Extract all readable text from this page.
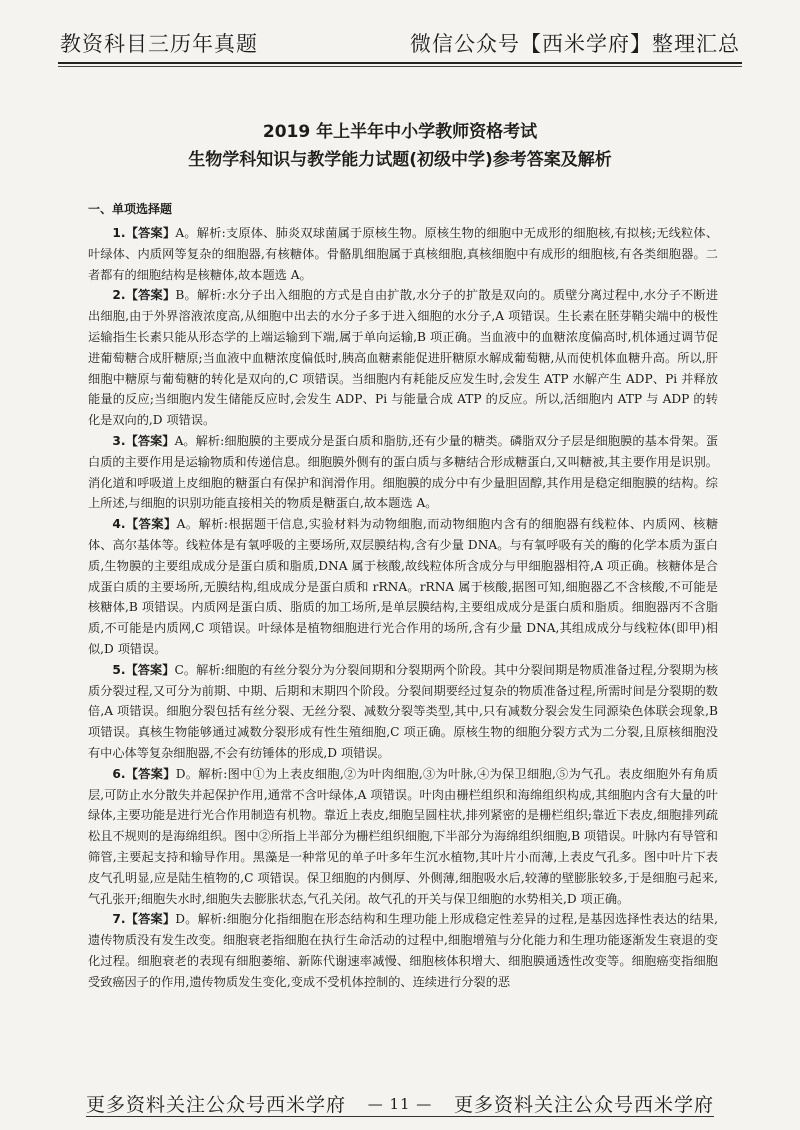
教资科目三历年真题	微信公众号【西米学府】整理汇总
2019 年上半年中小学教师资格考试
生物学科知识与教学能力试题(初级中学)参考答案及解析
一、单项选择题

1.【答案】A。解析:支原体、肺炎双球菌属于原核生物。原核生物的细胞中无成形的细胞核,有拟核;无线粒体、叶绿体、内质网等复杂的细胞器,有核糖体。骨骼肌细胞属于真核细胞,真核细胞中有成形的细胞核,有各类细胞器。二者都有的细胞结构是核糖体,故本题选 A。

2.【答案】B。解析:水分子出入细胞的方式是自由扩散,水分子的扩散是双向的。质壁分离过程中,水分子不断进出细胞,由于外界溶液浓度高,从细胞中出去的水分子多于进入细胞的水分子,A 项错误。生长素在胚芽鞘尖端中的极性运输指生长素只能从形态学的上端运输到下端,属于单向运输,B 项正确。当血液中的血糖浓度偏高时,机体通过调节促进葡萄糖合成肝糖原;当血液中血糖浓度偏低时,胰高血糖素能促进肝糖原水解成葡萄糖,从而使机体血糖升高。所以,肝细胞中糖原与葡萄糖的转化是双向的,C 项错误。当细胞内有耗能反应发生时,会发生 ATP 水解产生 ADP、Pi 并释放能量的反应;当细胞内发生储能反应时,会发生 ADP、Pi 与能量合成 ATP 的反应。所以,活细胞内 ATP 与 ADP 的转化是双向的,D 项错误。

3.【答案】A。解析:细胞膜的主要成分是蛋白质和脂肪,还有少量的糖类。磷脂双分子层是细胞膜的基本骨架。蛋白质的主要作用是运输物质和传递信息。细胞膜外侧有的蛋白质与多糖结合形成糖蛋白,又叫糖被,其主要作用是识别。消化道和呼吸道上皮细胞的糖蛋白有保护和润滑作用。细胞膜的成分中有少量胆固醇,其作用是稳定细胞膜的结构。综上所述,与细胞的识别功能直接相关的物质是糖蛋白,故本题选 A。

4.【答案】A。解析:根据题干信息,实验材料为动物细胞,而动物细胞内含有的细胞器有线粒体、内质网、核糖体、高尔基体等。线粒体是有氧呼吸的主要场所,双层膜结构,含有少量 DNA。与有氧呼吸有关的酶的化学本质为蛋白质,生物膜的主要组成成分是蛋白质和脂质,DNA 属于核酸,故线粒体所含成分与甲细胞器相符,A 项正确。核糖体是合成蛋白质的主要场所,无膜结构,组成成分是蛋白质和 rRNA。rRNA 属于核酸,据图可知,细胞器乙不含核酸,不可能是核糖体,B 项错误。内质网是蛋白质、脂质的加工场所,是单层膜结构,主要组成成分是蛋白质和脂质。细胞器丙不含脂质,不可能是内质网,C 项错误。叶绿体是植物细胞进行光合作用的场所,含有少量 DNA,其组成成分与线粒体(即甲)相似,D 项错误。

5.【答案】C。解析:细胞的有丝分裂分为分裂间期和分裂期两个阶段。其中分裂间期是物质准备过程,分裂期为核质分裂过程,又可分为前期、中期、后期和末期四个阶段。分裂间期要经过复杂的物质准备过程,所需时间是分裂期的数倍,A 项错误。细胞分裂包括有丝分裂、无丝分裂、减数分裂等类型,其中,只有减数分裂会发生同源染色体联会现象,B 项错误。真核生物能够通过减数分裂形成有性生殖细胞,C 项正确。原核生物的细胞分裂方式为二分裂,且原核细胞没有中心体等复杂细胞器,不会有纺锤体的形成,D 项错误。

6.【答案】D。解析:图中①为上表皮细胞,②为叶肉细胞,③为叶脉,④为保卫细胞,⑤为气孔。表皮细胞外有角质层,可防止水分散失并起保护作用,通常不含叶绿体,A 项错误。叶肉由栅栏组织和海绵组织构成,其细胞内含有大量的叶绿体,主要功能是进行光合作用制造有机物。靠近上表皮,细胞呈圆柱状,排列紧密的是栅栏组织;靠近下表皮,细胞排列疏松且不规则的是海绵组织。图中②所指上半部分为栅栏组织细胞,下半部分为海绵组织细胞,B 项错误。叶脉内有导管和筛管,主要起支持和输导作用。黑藻是一种常见的单子叶多年生沉水植物,其叶片小而薄,上表皮气孔多。图中叶片下表皮气孔明显,应是陆生植物的,C 项错误。保卫细胞的内侧厚、外侧薄,细胞吸水后,较薄的壁膨胀较多,于是细胞弓起来,气孔张开;细胞失水时,细胞失去膨胀状态,气孔关闭。故气孔的开关与保卫细胞的水势相关,D 项正确。

7.【答案】D。解析:细胞分化指细胞在形态结构和生理功能上形成稳定性差异的过程,是基因选择性表达的结果,遗传物质没有发生改变。细胞衰老指细胞在执行生命活动的过程中,细胞增殖与分化能力和生理功能逐渐发生衰退的变化过程。细胞衰老的表现有细胞萎缩、新陈代谢速率减慢、细胞核体积增大、细胞膜通透性改变等。细胞癌变指细胞受致癌因子的作用,遗传物质发生变化,变成不受机体控制的、连续进行分裂的恶

更多资料关注公众号西米学府 — 11 — 更多资料关注公众号西米学府
